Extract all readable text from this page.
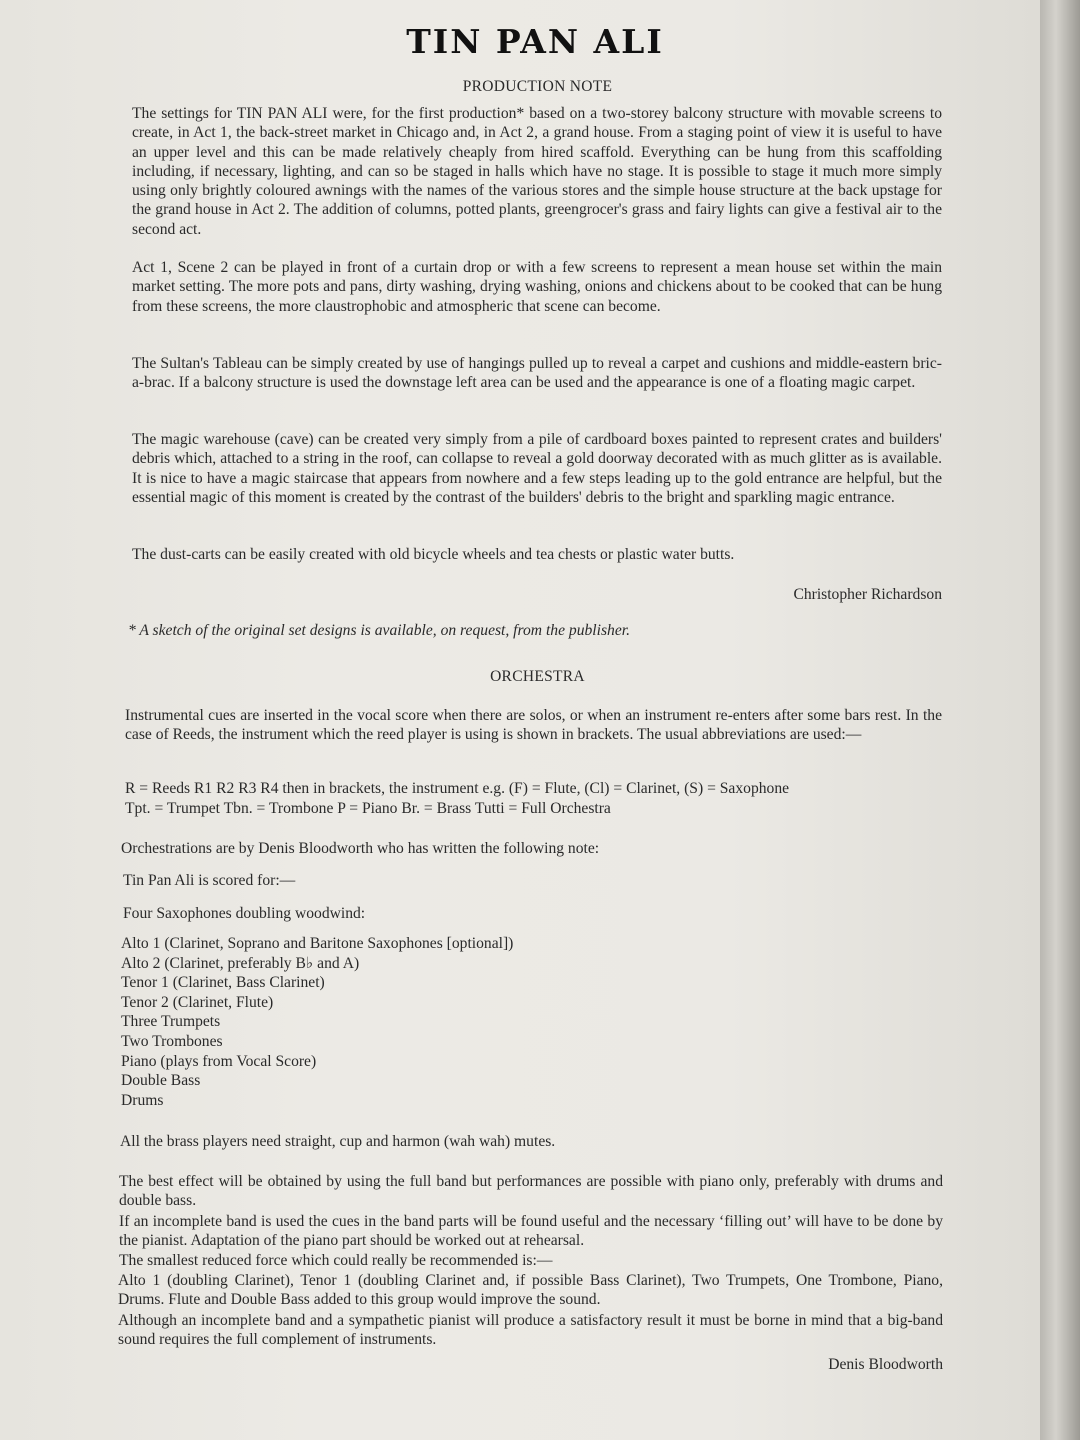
TIN PAN ALI
PRODUCTION NOTE

The settings for TIN PAN ALI were, for the first production* based on a two-storey balcony structure with movable screens to create, in Act 1, the back-street market in Chicago and, in Act 2, a grand house. From a staging point of view it is useful to have an upper level and this can be made relatively cheaply from hired scaffold. Everything can be hung from this scaffolding including, if necessary, lighting, and can so be staged in halls which have no stage. It is possible to stage it much more simply using only brightly coloured awnings with the names of the various stores and the simple house structure at the back upstage for the grand house in Act 2. The addition of columns, potted plants, greengrocer's grass and fairy lights can give a festival air to the second act.

Act 1, Scene 2 can be played in front of a curtain drop or with a few screens to represent a mean house set within the main market setting. The more pots and pans, dirty washing, drying washing, onions and chickens about to be cooked that can be hung from these screens, the more claustrophobic and atmospheric that scene can become.

The Sultan's Tableau can be simply created by use of hangings pulled up to reveal a carpet and cushions and middle-eastern bric-a-brac. If a balcony structure is used the downstage left area can be used and the appearance is one of a floating magic carpet.

The magic warehouse (cave) can be created very simply from a pile of cardboard boxes painted to represent crates and builders' debris which, attached to a string in the roof, can collapse to reveal a gold doorway decorated with as much glitter as is available. It is nice to have a magic staircase that appears from nowhere and a few steps leading up to the gold entrance are helpful, but the essential magic of this moment is created by the contrast of the builders' debris to the bright and sparkling magic entrance.

The dust-carts can be easily created with old bicycle wheels and tea chests or plastic water butts.

Christopher Richardson
* A sketch of the original set designs is available, on request, from the publisher.
ORCHESTRA

Instrumental cues are inserted in the vocal score when there are solos, or when an instrument re-enters after some bars rest. In the case of Reeds, the instrument which the reed player is using is shown in brackets. The usual abbreviations are used:—

R = Reeds R1 R2 R3 R4 then in brackets, the instrument e.g. (F) = Flute, (Cl) = Clarinet, (S) = Saxophone
Tpt. = Trumpet Tbn. = Trombone P = Piano Br. = Brass Tutti = Full Orchestra
Orchestrations are by Denis Bloodworth who has written the following note:
Tin Pan Ali is scored for:—
Four Saxophones doubling woodwind:
Alto 1 (Clarinet, Soprano and Baritone Saxophones [optional])
Alto 2 (Clarinet, preferably B♭ and A)
Tenor 1 (Clarinet, Bass Clarinet)
Tenor 2 (Clarinet, Flute)
Three Trumpets
Two Trombones
Piano (plays from Vocal Score)
Double Bass
Drums
All the brass players need straight, cup and harmon (wah wah) mutes.

The best effect will be obtained by using the full band but performances are possible with piano only, preferably with drums and double bass.

If an incomplete band is used the cues in the band parts will be found useful and the necessary ‘filling out’ will have to be done by the pianist. Adaptation of the piano part should be worked out at rehearsal.

The smallest reduced force which could really be recommended is:—

Alto 1 (doubling Clarinet), Tenor 1 (doubling Clarinet and, if possible Bass Clarinet), Two Trumpets, One Trombone, Piano, Drums. Flute and Double Bass added to this group would improve the sound.

Although an incomplete band and a sympathetic pianist will produce a satisfactory result it must be borne in mind that a big-band sound requires the full complement of instruments.

Denis Bloodworth
